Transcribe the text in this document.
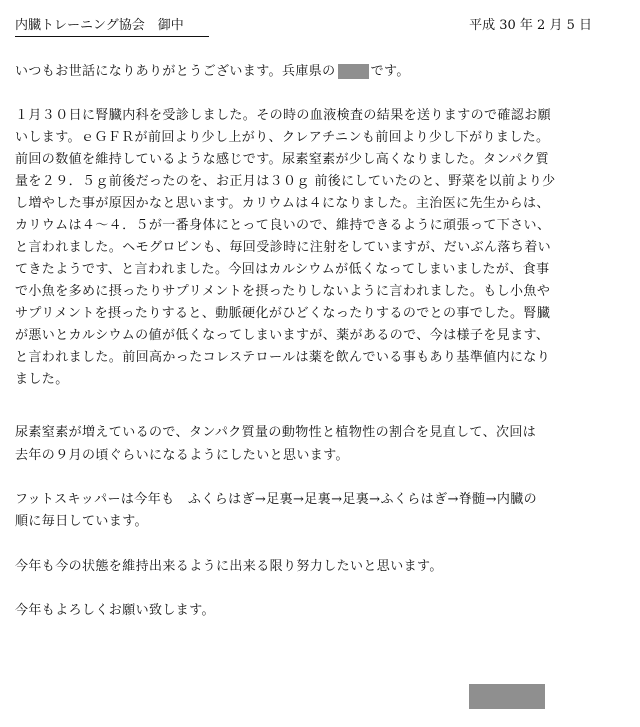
内臓トレーニング協会　御中	平成 30 年 2 月 5 日
いつもお世話になりありがとうございます。兵庫県の	です。
１月３０日に腎臓内科を受診しました。その時の血液検査の結果を送りますので確認お願
いします。ｅＧＦＲが前回より少し上がり、クレアチニンも前回より少し下がりました。
前回の数値を維持しているような感じです。尿素窒素が少し高くなりました。タンパク質
量を２９．５ｇ前後だったのを、お正月は３０ｇ 前後にしていたのと、野菜を以前より少
し増やした事が原因かなと思います。カリウムは４になりました。主治医に先生からは、
カリウムは４～４．５が一番身体にとって良いので、維持できるように頑張って下さい、
と言われました。ヘモグロビンも、毎回受診時に注射をしていますが、だいぶん落ち着い
てきたようです、と言われました。今回はカルシウムが低くなってしまいましたが、食事
で小魚を多めに摂ったりサプリメントを摂ったりしないように言われました。もし小魚や
サプリメントを摂ったりすると、動脈硬化がひどくなったりするのでとの事でした。腎臓
が悪いとカルシウムの値が低くなってしまいますが、薬があるので、今は様子を見ます、
と言われました。前回高かったコレステロールは薬を飲んでいる事もあり基準値内になり
ました。
尿素窒素が増えているので、タンパク質量の動物性と植物性の割合を見直して、次回は
去年の９月の頃ぐらいになるようにしたいと思います。
フットスキッパーは今年も　ふくらはぎ→足裏→足裏→足裏→ふくらはぎ→脊髄→内臓の
順に毎日しています。
今年も今の状態を維持出来るように出来る限り努力したいと思います。
今年もよろしくお願い致します。
